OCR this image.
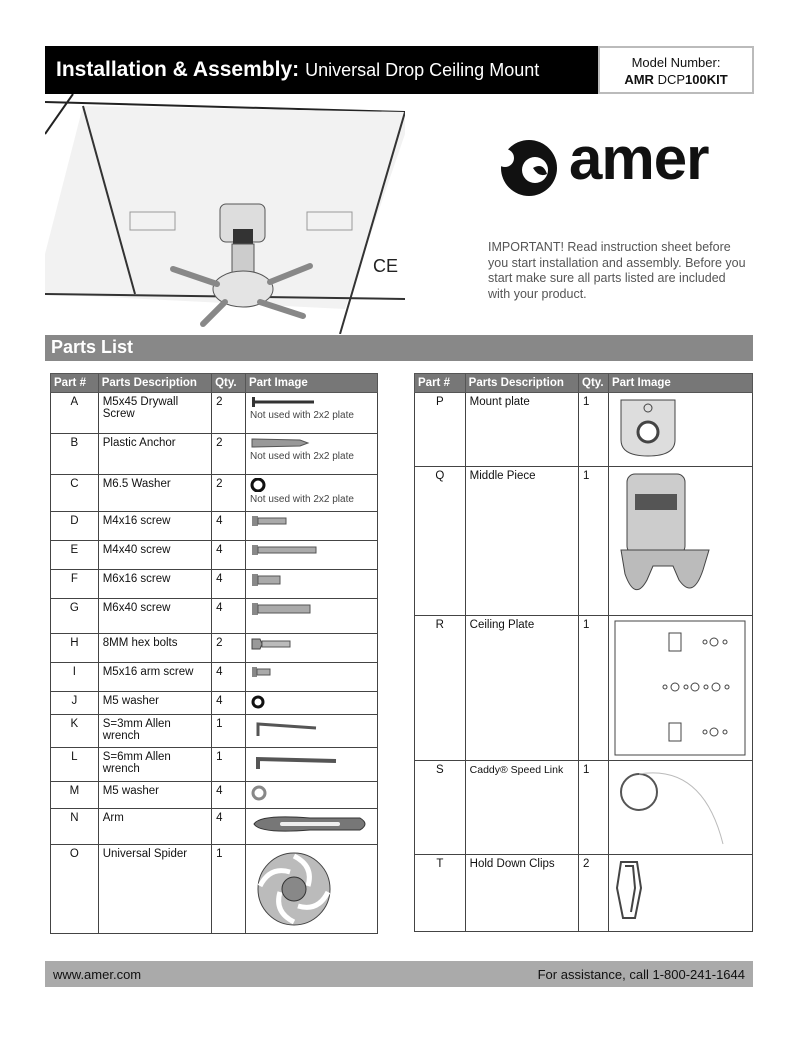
Installation & Assembly: Universal Drop Ceiling Mount	Model Number:
AMR DCP100KIT
CE
amer
IMPORTANT! Read instruction sheet before you start installation and assembly. Before you start make sure all parts listed are included with your product.
Parts List
Part #	Parts Description	Qty.	Part Image
A	M5x45 Drywall Screw	2	Not used with 2x2 plate

B	Plastic Anchor	2	Not used with 2x2 plate

C	M6.5 Washer	2	Not used with 2x2 plate

D	M4x16 screw	4	

E	M4x40 screw	4	

F	M6x16 screw	4	

G	M6x40 screw	4	

H	8MM hex bolts	2	

I	M5x16 arm screw	4	

J	M5 washer	4	

K	S=3mm Allen wrench	1	

L	S=6mm Allen wrench	1	

M	M5 washer	4	

N	Arm	4	

O	Universal Spider	1	
Part #	Parts Description	Qty.	Part Image
P	Mount plate	1	

Q	Middle Piece	1	

R	Ceiling Plate	1	

S	Caddy® Speed Link	1	

T	Hold Down Clips	2	
www.amer.com	For assistance, call 1-800-241-1644
